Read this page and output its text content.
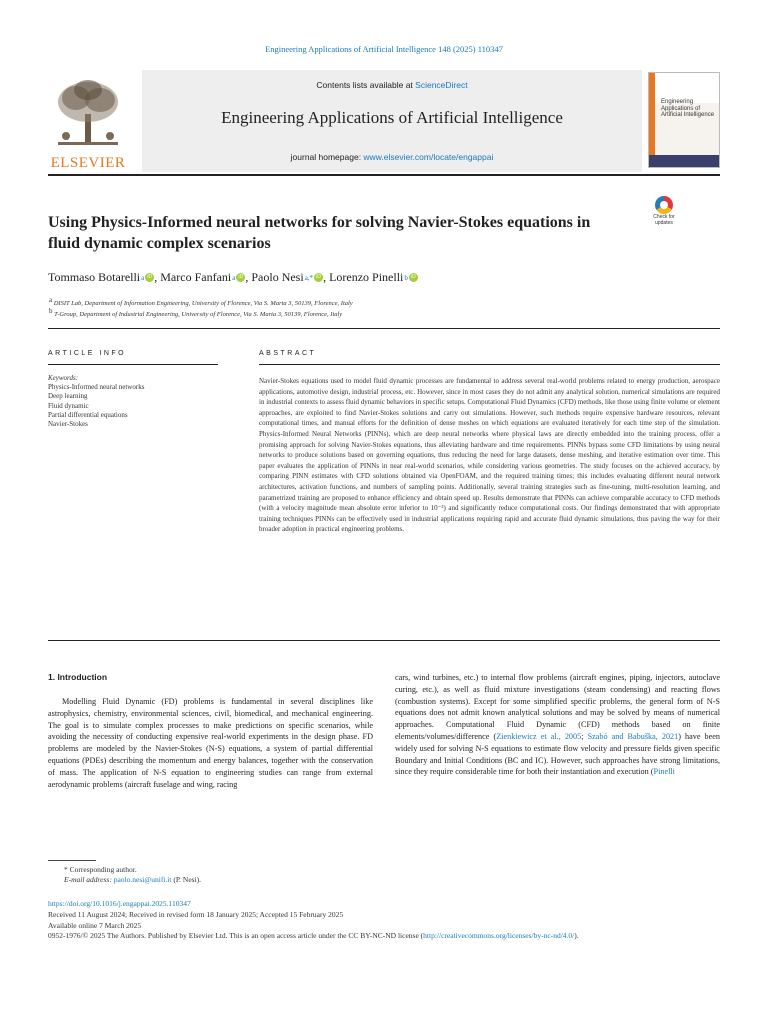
Engineering Applications of Artificial Intelligence 148 (2025) 110347
ELSEVIER
Contents lists available at ScienceDirect
Engineering Applications of Artificial Intelligence
journal homepage: www.elsevier.com/locate/engappai
Engineering Applications of Artificial Intelligence
Using Physics-Informed neural networks for solving Navier-Stokes equations in fluid dynamic complex scenarios
Check for updates
Tommaso Botarelli a iD , Marco Fanfani a iD , Paolo Nesi a,* iD , Lorenzo Pinelli b iD
a DISIT Lab, Department of Information Engineering, University of Florence, Via S. Marta 3, 50139, Florence, Italy
b T-Group, Department of Industrial Engineering, University of Florence, Via S. Marta 3, 50139, Florence, Italy
ARTICLE INFO	ABSTRACT
Keywords:
Physics-Informed neural networks
Deep learning
Fluid dynamic
Partial differential equations
Navier-Stokes

Navier-Stokes equations used to model fluid dynamic processes are fundamental to address several real-world problems related to energy production, aerospace applications, automotive design, industrial process, etc. However, since in most cases they do not admit any analytical solution, numerical simulations are required in industrial contexts to assess fluid dynamic behaviors in specific setups. Computational Fluid Dynamics (CFD) methods, like those using finite volume or element approaches, are exploited to find Navier-Stokes solutions and carry out simulations. However, such methods require expensive hardware resources, relevant computational times, and manual efforts for the definition of dense meshes on which equations are evaluated iteratively for each time step of the simulation. Physics-Informed Neural Networks (PINNs), which are deep neural networks where physical laws are directly embedded into the training process, offer a promising approach for solving Navier-Stokes equations, thus alleviating hardware and time requirements. PINNs bypass some CFD limitations by using neural networks to produce solutions based on governing equations, thus reducing the need for large datasets, dense meshing, and iterative estimation over time. This paper evaluates the application of PINNs in near real-world scenarios, while considering various geometries. The study focuses on the achieved accuracy, by comparing PINN estimates with CFD solutions obtained via OpenFOAM, and the required training times; this includes evaluating different neural network architectures, activation functions, and numbers of sampling points. Additionally, several training strategies such as fine-tuning, multi-resolution learning, and parametrized training are proposed to enhance efficiency and obtain speed up. Results demonstrate that PINNs can achieve comparable accuracy to CFD methods (with a velocity magnitude mean absolute error inferior to 10⁻²) and significantly reduce computational costs. Our findings demonstrated that with appropriate training techniques PINNs can be effectively used in industrial applications requiring rapid and accurate fluid dynamic simulations, thus paving the way for their broader adoption in practical engineering problems.

1. Introduction

Modelling Fluid Dynamic (FD) problems is fundamental in several disciplines like astrophysics, chemistry, environmental sciences, civil, biomedical, and mechanical engineering. The goal is to simulate complex processes to make predictions on specific scenarios, while avoiding the necessity of conducting expensive real-world experiments in the design phase. FD problems are modeled by the Navier-Stokes (N-S) equations, a system of partial differential equations (PDEs) describing the momentum and energy balances, together with the conservation of mass. The application of N-S equation to engineering studies can range from external aerodynamic problems (aircraft fuselage and wing, racing

cars, wind turbines, etc.) to internal flow problems (aircraft engines, piping, injectors, autoclave curing, etc.), as well as fluid mixture investigations (steam condensing) and reacting flows (combustion systems). Except for some simplified specific problems, the general form of N-S equations does not admit known analytical solutions and may be solved by means of numerical approaches. Computational Fluid Dynamic (CFD) methods based on finite elements/volumes/difference (Zienkiewicz et al., 2005; Szabó and Babuška, 2021) have been widely used for solving N-S equations to estimate flow velocity and pressure fields given specific Boundary and Initial Conditions (BC and IC). However, such approaches have strong limitations, since they require considerable time for both their instantiation and execution (Pinelli

* Corresponding author.
E-mail address: paolo.nesi@unifi.it (P. Nesi).
https://doi.org/10.1016/j.engappai.2025.110347
Received 11 August 2024; Received in revised form 18 January 2025; Accepted 15 February 2025
Available online 7 March 2025
0952-1976/© 2025 The Authors. Published by Elsevier Ltd. This is an open access article under the CC BY-NC-ND license (http://creativecommons.org/licenses/by-nc-nd/4.0/).
